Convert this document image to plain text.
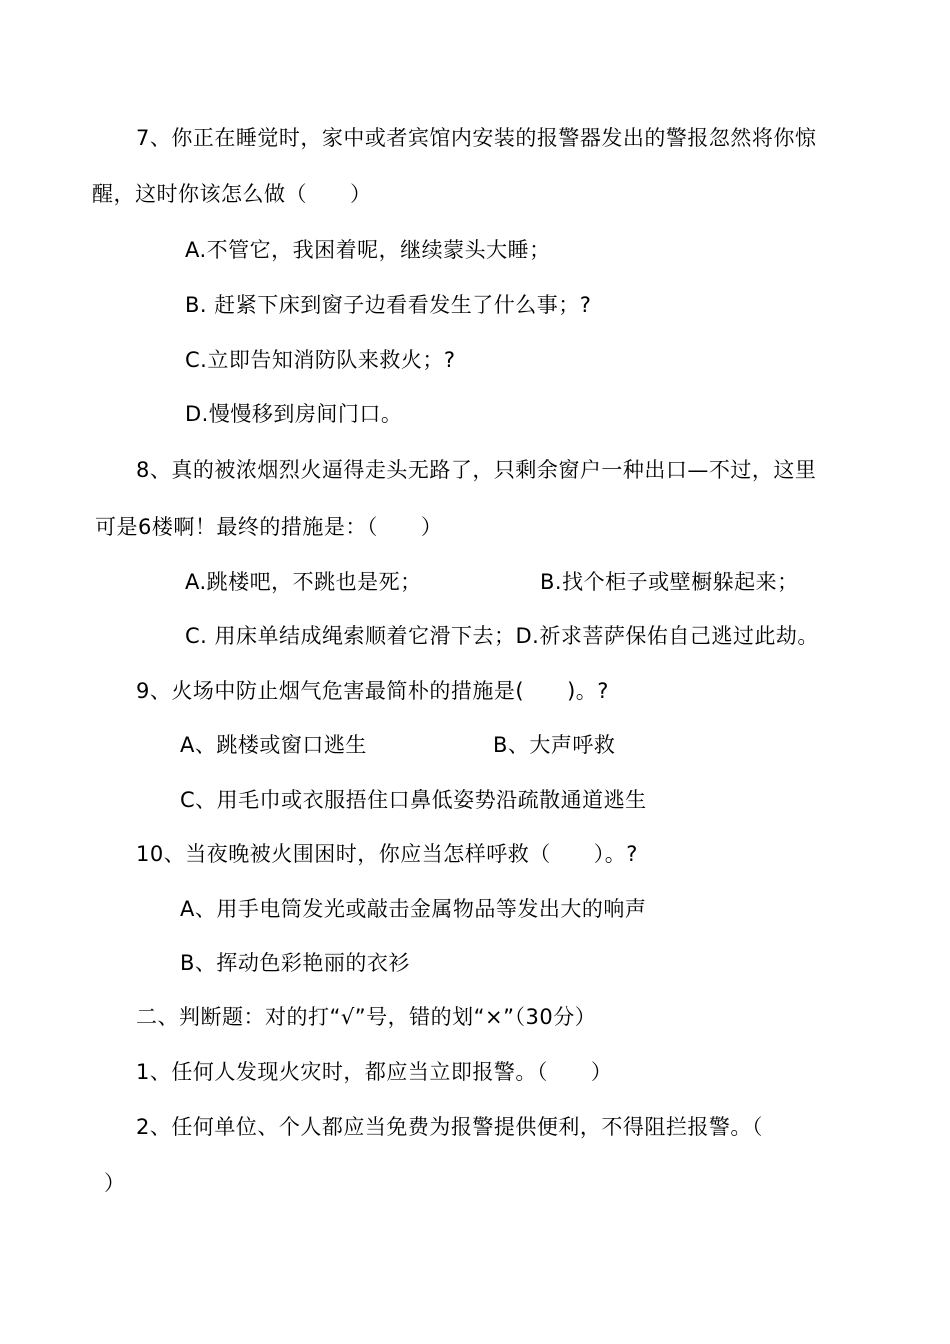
7、你正在睡觉时，家中或者宾馆内安装的报警器发出的警报忽然将你惊
醒，这时你该怎么做（      ）
A.不管它，我困着呢，继续蒙头大睡；
B. 赶紧下床到窗子边看看发生了什么事；?
C.立即告知消防队来救火；?
D.慢慢移到房间门口。
8、真的被浓烟烈火逼得走头无路了，只剩余窗户一种出口—不过，这里
可是6楼啊！最终的措施是：（      ）
A.跳楼吧，不跳也是死；	B.找个柜子或壁橱躲起来；
C. 用床单结成绳索顺着它滑下去；D.祈求菩萨保佑自己逃过此劫。
9、火场中防止烟气危害最简朴的措施是(      )。?
A、跳楼或窗口逃生	B、大声呼救
C、用毛巾或衣服捂住口鼻低姿势沿疏散通道逃生
10、当夜晚被火围困时，你应当怎样呼救（      ）。?
A、用手电筒发光或敲击金属物品等发出大的响声
B、挥动色彩艳丽的衣衫
二、判断题：对的打“√”号，错的划“×”（30分）
1、任何人发现火灾时，都应当立即报警。（      ）
2、任何单位、个人都应当免费为报警提供便利，不得阻拦报警。（
）
